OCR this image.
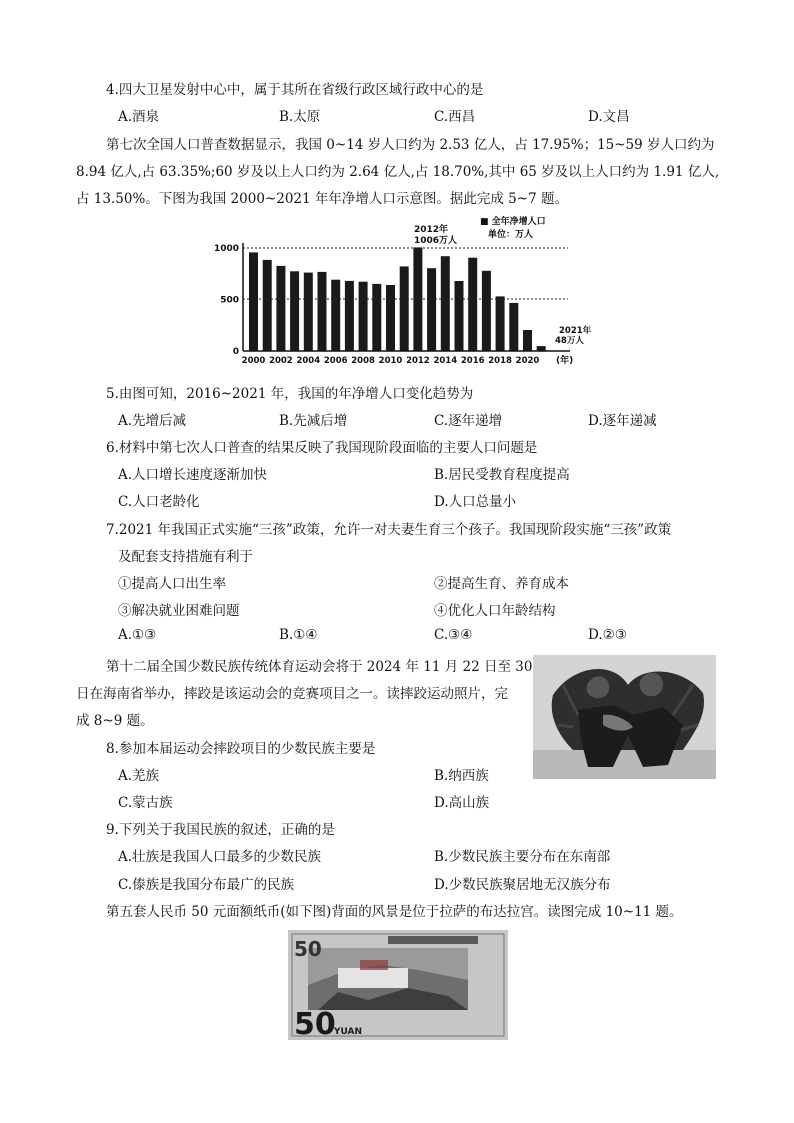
4.四大卫星发射中心中，属于其所在省级行政区域行政中心的是
A.酒泉	B.太原	C.西昌	D.文昌
第七次全国人口普查数据显示，我国 0~14 岁人口约为 2.53 亿人，占 17.95%；15~59 岁人口约为
8.94 亿人,占 63.35%;60 岁及以上人口约为 2.64 亿人,占 18.70%,其中 65 岁及以上人口约为 1.91 亿人,
占 13.50%。下图为我国 2000~2021 年年净增人口示意图。据此完成 5~7 题。
0
500
1000
2000 2002 2004 2006 2008 2010 2012 2014 2016 2018 2020 (年)
■ 全年净增人口
单位：万人
2012年
1006万人
2021年
48万人
5.由图可知，2016~2021 年，我国的年净增人口变化趋势为
A.先增后减	B.先减后增	C.逐年递增	D.逐年递减
6.材料中第七次人口普查的结果反映了我国现阶段面临的主要人口问题是
A.人口增长速度逐渐加快	B.居民受教育程度提高
C.人口老龄化	D.人口总量小
7.2021 年我国正式实施“三孩”政策，允许一对夫妻生育三个孩子。我国现阶段实施“三孩”政策
及配套支持措施有利于
①提高人口出生率	②提高生育、养育成本
③解决就业困难问题	④优化人口年龄结构
A.①③	B.①④	C.③④	D.②③
第十二届全国少数民族传统体育运动会将于 2024 年 11 月 22 日至 30
日在海南省举办，摔跤是该运动会的竞赛项目之一。读摔跤运动照片，完
成 8~9 题。
8.参加本届运动会摔跤项目的少数民族主要是
A.羌族	B.纳西族
C.蒙古族	D.高山族
9.下列关于我国民族的叙述，正确的是
A.壮族是我国人口最多的少数民族	B.少数民族主要分布在东南部
C.傣族是我国分布最广的民族	D.少数民族聚居地无汉族分布
第五套人民币 50 元面额纸币(如下图)背面的风景是位于拉萨的布达拉宫。读图完成 10~11 题。
50
50
YUAN
